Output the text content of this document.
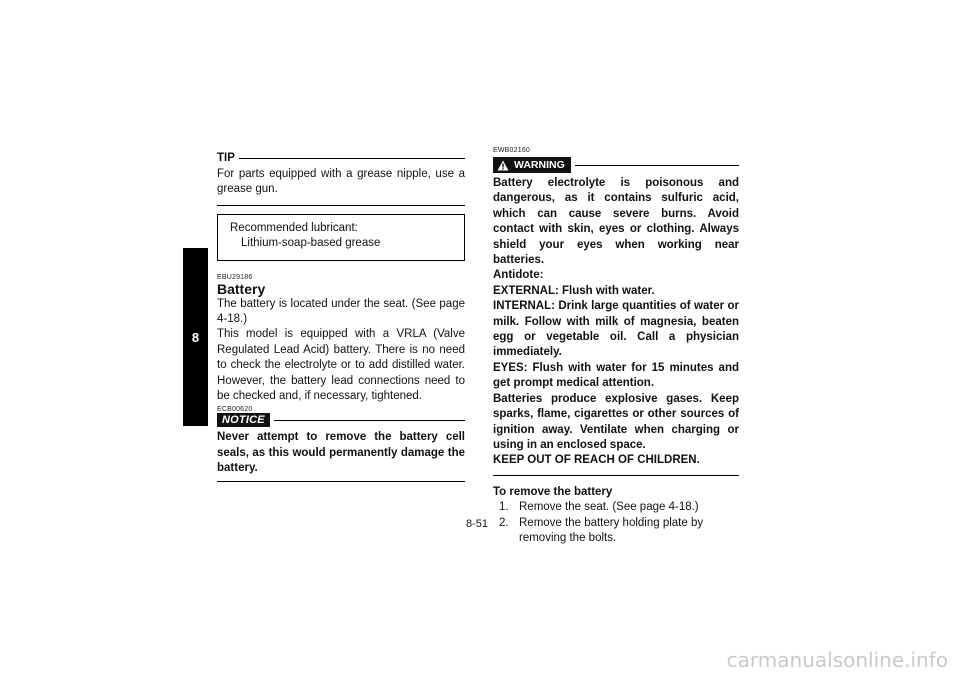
8
TIP
For parts equipped with a grease nipple, use a grease gun.
Recommended lubricant:
Lithium-soap-based grease
EBU29186
Battery
The battery is located under the seat. (See page 4-18.)
This model is equipped with a VRLA (Valve Regulated Lead Acid) battery. There is no need to check the electrolyte or to add distilled water. However, the battery lead connections need to be checked and, if necessary, tightened.
ECB00620
NOTICE
Never attempt to remove the battery cell seals, as this would permanently damage the battery.
EWB02160
WARNING
Battery electrolyte is poisonous and dangerous, as it contains sulfuric acid, which can cause severe burns. Avoid contact with skin, eyes or clothing. Always shield your eyes when working near batteries.
Antidote:
EXTERNAL: Flush with water.
INTERNAL: Drink large quantities of water or milk. Follow with milk of magnesia, beaten egg or vegetable oil. Call a physician immediately.
EYES: Flush with water for 15 minutes and get prompt medical attention.
Batteries produce explosive gases. Keep sparks, flame, cigarettes or other sources of ignition away. Ventilate when charging or using in an enclosed space.
KEEP OUT OF REACH OF CHILDREN.
To remove the battery
1. Remove the seat. (See page 4-18.)
2. Remove the battery holding plate by removing the bolts.
8-51
carmanualsonline.info
